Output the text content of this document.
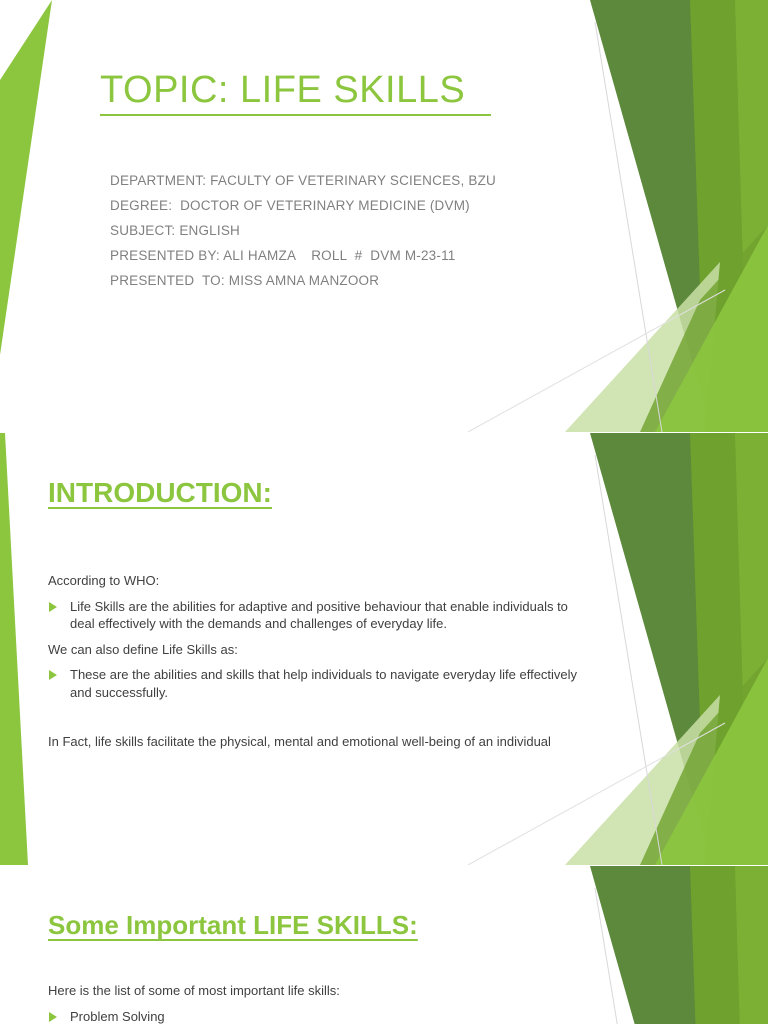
TOPIC: LIFE SKILLS
DEPARTMENT: FACULTY OF VETERINARY SCIENCES, BZU
DEGREE:  DOCTOR OF VETERINARY MEDICINE (DVM)
SUBJECT: ENGLISH
PRESENTED BY: ALI HAMZA    ROLL  #  DVM M-23-11
PRESENTED  TO: MISS AMNA MANZOOR
INTRODUCTION:

According to WHO:

Life Skills are the abilities for adaptive and positive behaviour that enable individuals to deal effectively with the demands and challenges of everyday life.

We can also define Life Skills as:

These are the abilities and skills that help individuals to navigate everyday life effectively and successfully.

In Fact, life skills facilitate the physical, mental and emotional well-being of an individual

Some Important LIFE SKILLS:

Here is the list of some of most important life skills:

Problem Solving
